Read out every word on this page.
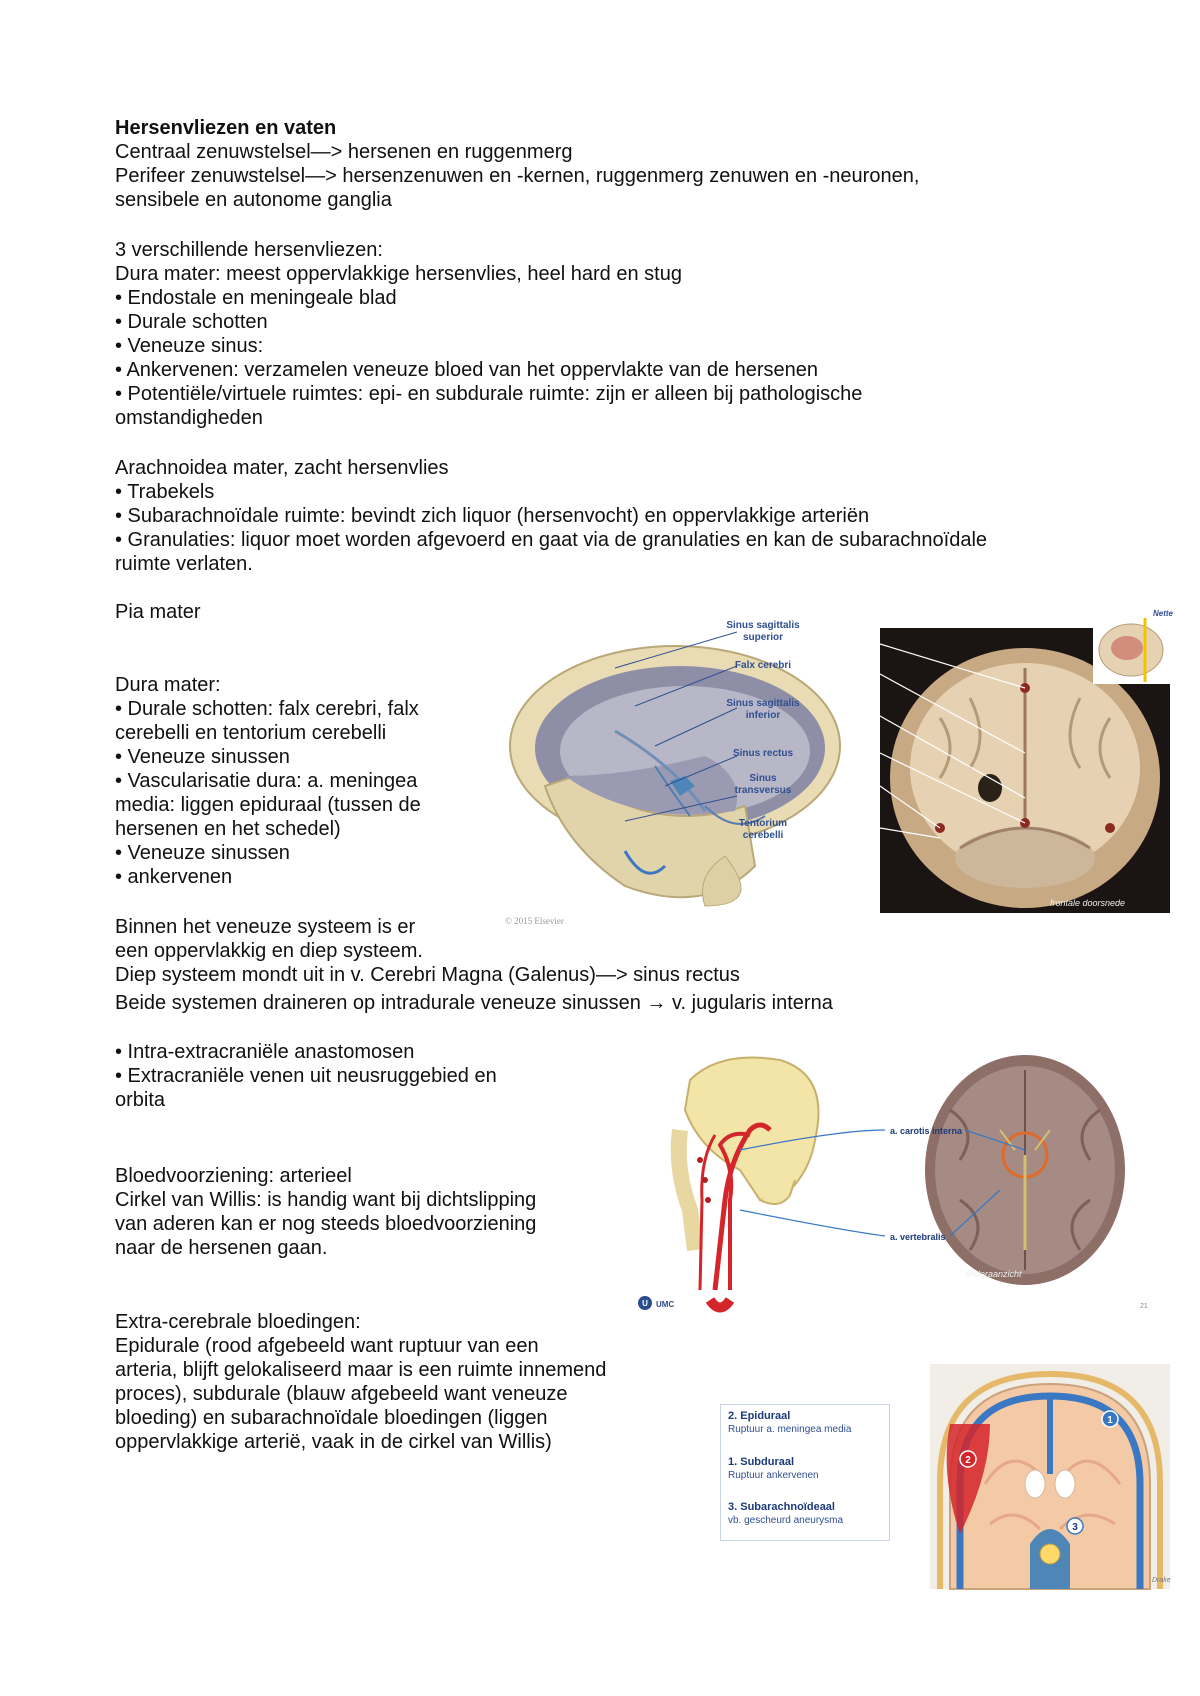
Hersenvliezen en vaten
Centraal zenuwstelsel—> hersenen en ruggenmerg
Perifeer zenuwstelsel—> hersenzenuwen en -kernen, ruggenmerg zenuwen en -neuronen,
sensibele en autonome ganglia
3 verschillende hersenvliezen:
Dura mater: meest oppervlakkige hersenvlies, heel hard en stug
• Endostale en meningeale blad
• Durale schotten
• Veneuze sinus:
• Ankervenen: verzamelen veneuze bloed van het oppervlakte van de hersenen
• Potentiële/virtuele ruimtes: epi- en subdurale ruimte: zijn er alleen bij pathologische
omstandigheden
Arachnoidea mater, zacht hersenvlies
• Trabekels
• Subarachnoïdale ruimte: bevindt zich liquor (hersenvocht) en oppervlakkige arteriën
• Granulaties: liquor moet worden afgevoerd en gaat via de granulaties en kan de subarachnoïdale
ruimte verlaten.
Pia mater
Dura mater:
• Durale schotten: falx cerebri, falx
cerebelli en tentorium cerebelli
• Veneuze sinussen
• Vascularisatie dura: a. meningea
media: liggen epiduraal (tussen de
hersenen en het schedel)
• Veneuze sinussen
• ankervenen
Binnen het veneuze systeem is er
een oppervlakkig en diep systeem.
Diep systeem mondt uit in v. Cerebri Magna (Galenus)—> sinus rectus
Beide systemen draineren op intradurale veneuze sinussen → v. jugularis interna
• Intra-extracraniële anastomosen
• Extracraniële venen uit neusruggebied en
orbita
Bloedvoorziening: arterieel
Cirkel van Willis: is handig want bij dichtslipping
van aderen kan er nog steeds bloedvoorziening
naar de hersenen gaan.
Extra-cerebrale bloedingen:
Epidurale (rood afgebeeld want ruptuur van een
arteria, blijft gelokaliseerd maar is een ruimte innemend
proces), subdurale (blauw afgebeeld want veneuze
bloeding) en subarachnoïdale bloedingen (liggen
oppervlakkige arterië, vaak in de cirkel van Willis)
Sinus sagittalis
superior
Falx cerebri
Sinus sagittalis
inferior
Sinus rectus
Sinus
transversus
Tentorium
cerebelli
© 2015 Elsevier
frontale doorsnede
Nette
onderaanzicht
a. carotis interna
a. vertebralis
U UMC	21
2. Epiduraal
Ruptuur a. meningea media
1. Subduraal
Ruptuur ankervenen
3. Subarachnoïdeaal
vb. gescheurd aneurysma
1
2
3
Drake
